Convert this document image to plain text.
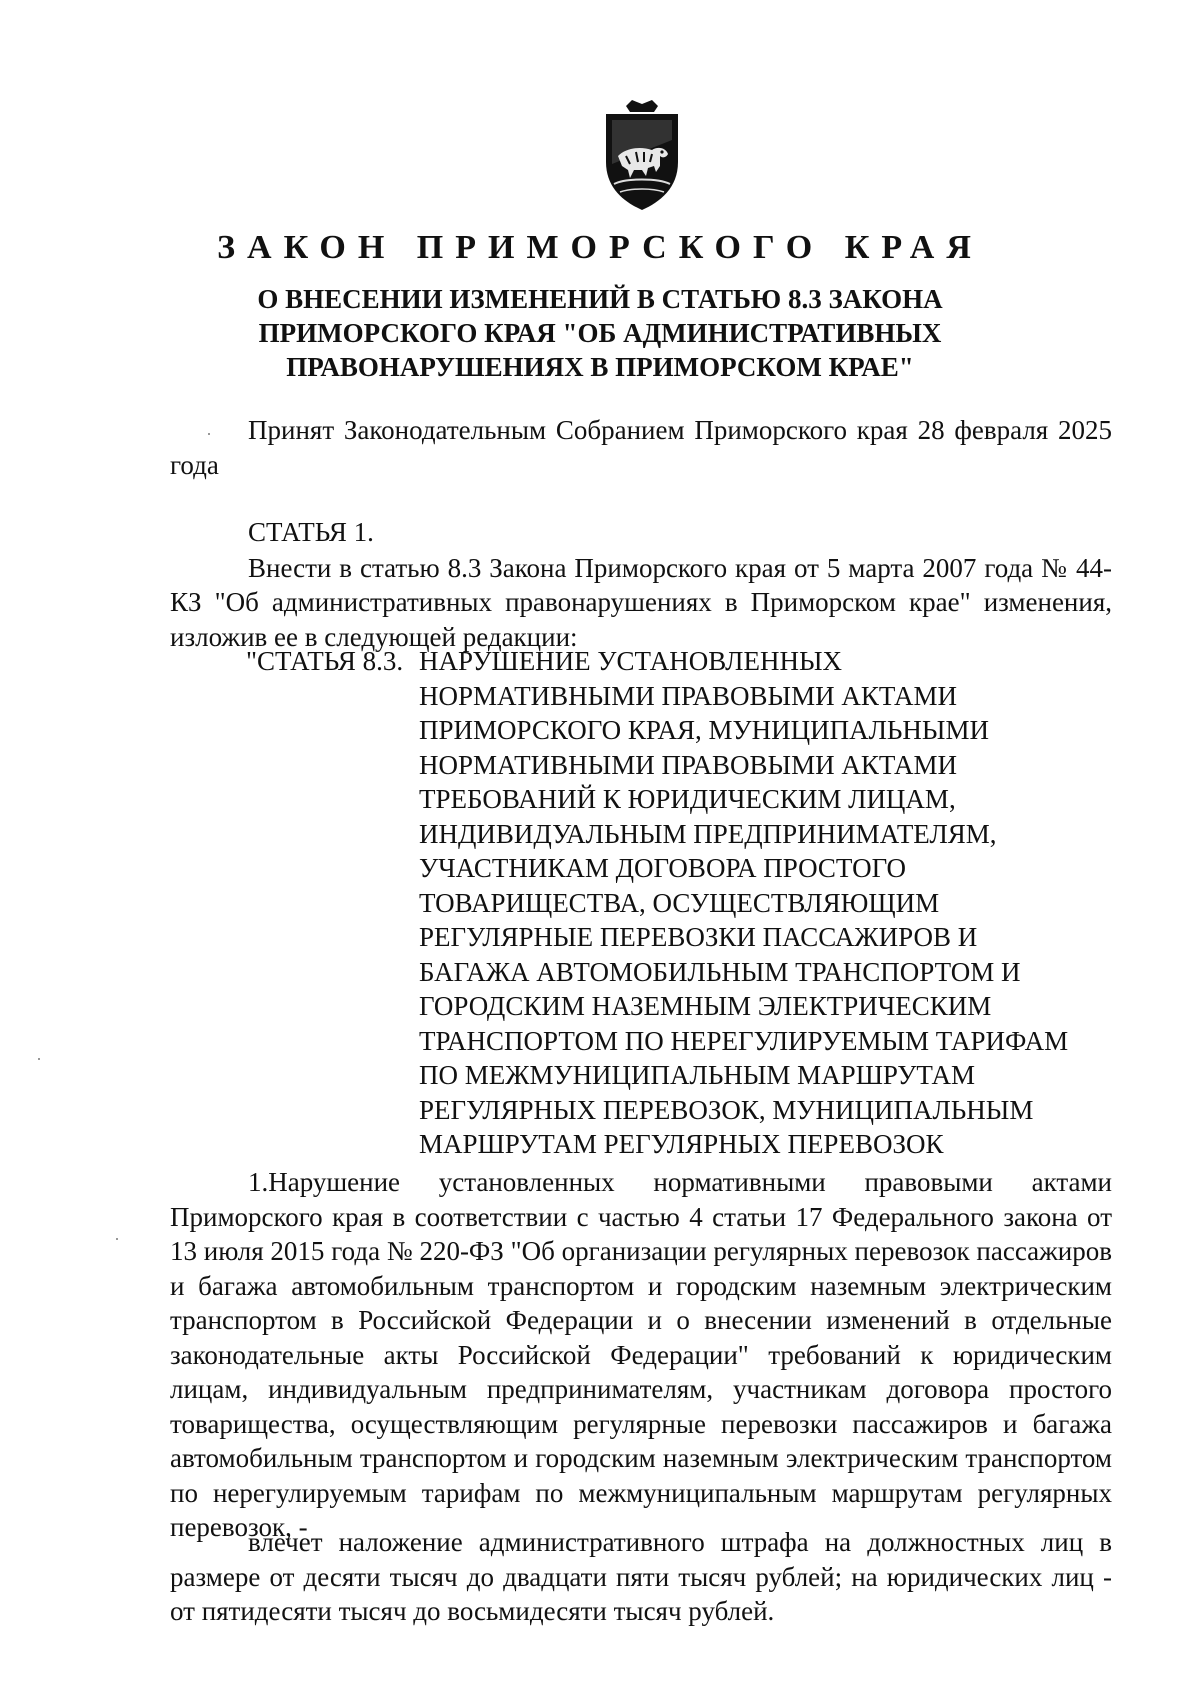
ЗАКОН ПРИМОРСКОГО КРАЯ
О ВНЕСЕНИИ ИЗМЕНЕНИЙ В СТАТЬЮ 8.3 ЗАКОНА
ПРИМОРСКОГО КРАЯ "ОБ АДМИНИСТРАТИВНЫХ
ПРАВОНАРУШЕНИЯХ В ПРИМОРСКОМ КРАЕ"
Принят Законодательным Собранием Приморского края 28 февраля 2025 года
СТАТЬЯ 1.
Внести в статью 8.3 Закона Приморского края от 5 марта 2007 года № 44-КЗ "Об административных правонарушениях в Приморском крае" изменения, изложив ее в следующей редакции:
"СТАТЬЯ 8.3. НАРУШЕНИЕ УСТАНОВЛЕННЫХ
НОРМАТИВНЫМИ ПРАВОВЫМИ АКТАМИ
ПРИМОРСКОГО КРАЯ, МУНИЦИПАЛЬНЫМИ
НОРМАТИВНЫМИ ПРАВОВЫМИ АКТАМИ
ТРЕБОВАНИЙ К ЮРИДИЧЕСКИМ ЛИЦАМ,
ИНДИВИДУАЛЬНЫМ ПРЕДПРИНИМАТЕЛЯМ,
УЧАСТНИКАМ ДОГОВОРА ПРОСТОГО
ТОВАРИЩЕСТВА, ОСУЩЕСТВЛЯЮЩИМ
РЕГУЛЯРНЫЕ ПЕРЕВОЗКИ ПАССАЖИРОВ И
БАГАЖА АВТОМОБИЛЬНЫМ ТРАНСПОРТОМ И
ГОРОДСКИМ НАЗЕМНЫМ ЭЛЕКТРИЧЕСКИМ
ТРАНСПОРТОМ ПО НЕРЕГУЛИРУЕМЫМ ТАРИФАМ
ПО МЕЖМУНИЦИПАЛЬНЫМ МАРШРУТАМ
РЕГУЛЯРНЫХ ПЕРЕВОЗОК, МУНИЦИПАЛЬНЫМ
МАРШРУТАМ РЕГУЛЯРНЫХ ПЕРЕВОЗОК
1.Нарушение установленных нормативными правовыми актами Приморского края в соответствии с частью 4 статьи 17 Федерального закона от 13 июля 2015 года № 220-ФЗ "Об организации регулярных перевозок пассажиров и багажа автомобильным транспортом и городским наземным электрическим транспортом в Российской Федерации и о внесении изменений в отдельные законодательные акты Российской Федерации" требований к юридическим лицам, индивидуальным предпринимателям, участникам договора простого товарищества, осуществляющим регулярные перевозки пассажиров и багажа автомобильным транспортом и городским наземным электрическим транспортом по нерегулируемым тарифам по межмуниципальным маршрутам регулярных перевозок, -
влечет наложение административного штрафа на должностных лиц в размере от десяти тысяч до двадцати пяти тысяч рублей; на юридических лиц - от пятидесяти тысяч до восьмидесяти тысяч рублей.
